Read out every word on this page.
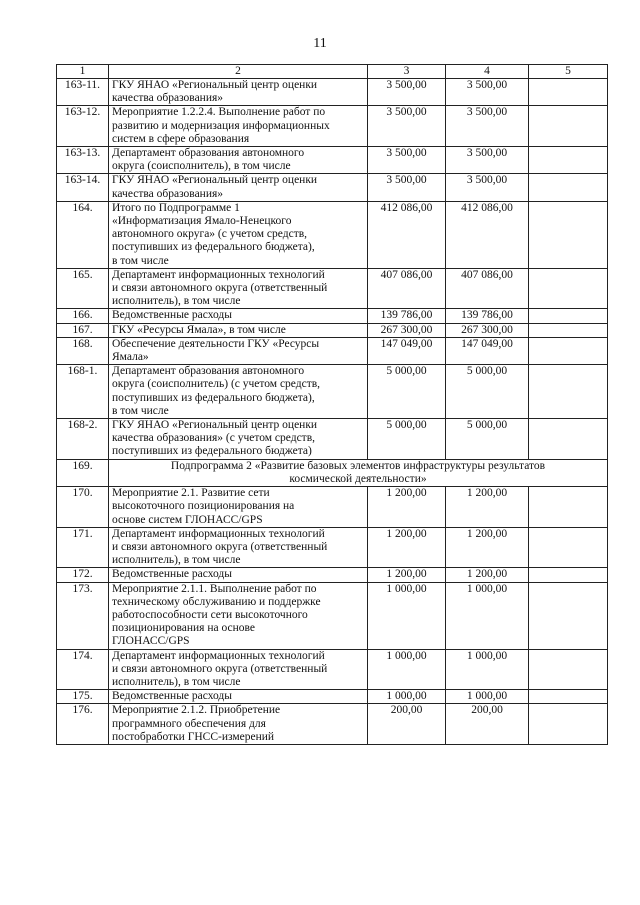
11
1	2	3	4	5
163-11.	ГКУ ЯНАО «Региональный центр оценки
качества образования»	3 500,00	3 500,00	
163-12.	Мероприятие 1.2.2.4. Выполнение работ по
развитию и модернизация информационных
систем в сфере образования	3 500,00	3 500,00	
163-13.	Департамент образования автономного
округа (соисполнитель), в том числе	3 500,00	3 500,00	
163-14.	ГКУ ЯНАО «Региональный центр оценки
качества образования»	3 500,00	3 500,00	
164.	Итого по Подпрограмме 1
«Информатизация Ямало-Ненецкого
автономного округа» (с учетом средств,
поступивших из федерального бюджета),
в том числе	412 086,00	412 086,00	
165.	Департамент информационных технологий
и связи автономного округа (ответственный
исполнитель), в том числе	407 086,00	407 086,00	
166.	Ведомственные расходы	139 786,00	139 786,00	
167.	ГКУ «Ресурсы Ямала», в том числе	267 300,00	267 300,00	
168.	Обеспечение деятельности ГКУ «Ресурсы
Ямала»	147 049,00	147 049,00	
168-1.	Департамент образования автономного
округа (соисполнитель) (с учетом средств,
поступивших из федерального бюджета),
в том числе	5 000,00	5 000,00	
168-2.	ГКУ ЯНАО «Региональный центр оценки
качества образования» (с учетом средств,
поступивших из федерального бюджета)	5 000,00	5 000,00	
169.	Подпрограмма 2 «Развитие базовых элементов инфраструктуры результатов
космической деятельности»			

170.	Мероприятие 2.1. Развитие сети
высокоточного позиционирования на
основе систем ГЛОНАСС/GPS	1 200,00	1 200,00	
171.	Департамент информационных технологий
и связи автономного округа (ответственный
исполнитель), в том числе	1 200,00	1 200,00	
172.	Ведомственные расходы	1 200,00	1 200,00	
173.	Мероприятие 2.1.1. Выполнение работ по
техническому обслуживанию и поддержке
работоспособности сети высокоточного
позиционирования на основе
ГЛОНАСС/GPS	1 000,00	1 000,00	
174.	Департамент информационных технологий
и связи автономного округа (ответственный
исполнитель), в том числе	1 000,00	1 000,00	
175.	Ведомственные расходы	1 000,00	1 000,00	
176.	Мероприятие 2.1.2. Приобретение
программного обеспечения для
постобработки ГНСС-измерений	200,00	200,00	
